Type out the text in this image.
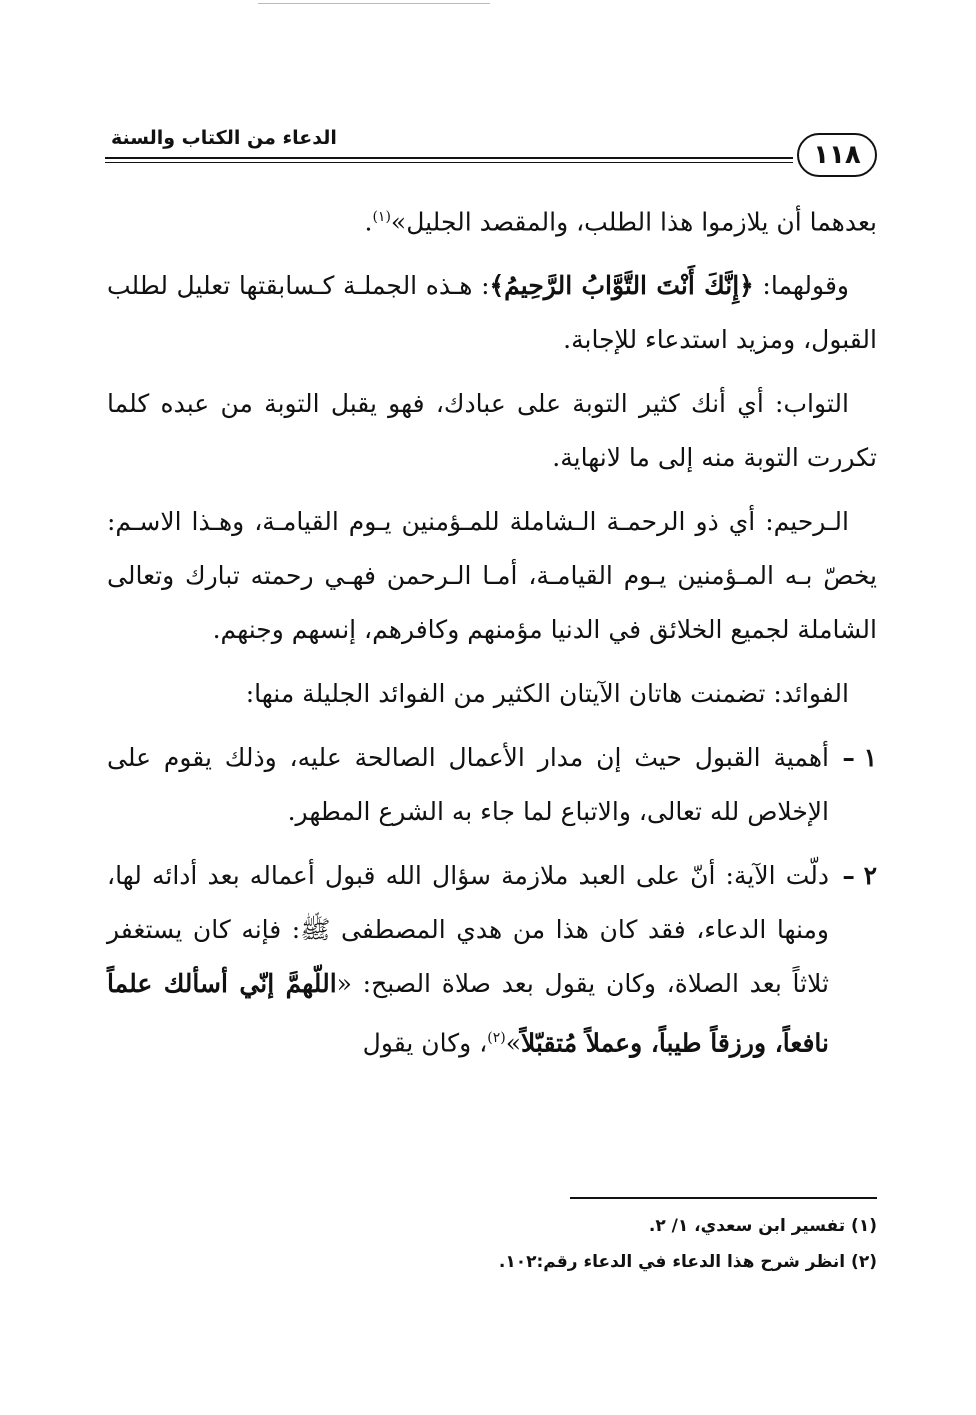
الدعاء من الكتاب والسنة
١١٨

بعدهما أن يلازموا هذا الطلب، والمقصد الجليل»$^{(١)}$.

وقولهما: ﴿إِنَّكَ أَنْتَ التَّوَّابُ الرَّحِيمُ﴾: هـذه الجملـة كـسابقتها تعليل لطلب القبول، ومزيد استدعاء للإجابة.

التواب: أي أنك كثير التوبة على عبادك، فهو يقبل التوبة من عبده كلما تكررت التوبة منه إلى ما لانهاية.

الـرحيم: أي ذو الرحمـة الـشاملة للمـؤمنين يـوم القيامـة، وهـذا الاسـم: يخصّ بـه المـؤمنين يـوم القيامـة، أمـا الـرحمن فهـي رحمته تبارك وتعالى الشاملة لجميع الخلائق في الدنيا مؤمنهم وكافرهم، إنسهم وجنهم.

الفوائد: تضمنت هاتان الآيتان الكثير من الفوائد الجليلة منها:

١ –
أهمية القبول حيث إن مدار الأعمال الصالحة عليه، وذلك يقوم على الإخلاص لله تعالى، والاتباع لما جاء به الشرع المطهر.
٢ –
دلّت الآية: أنّ على العبد ملازمة سؤال الله قبول أعماله بعد أدائه لها، ومنها الدعاء، فقد كان هذا من هدي المصطفى ﷺ: فإنه كان يستغفر ثلاثاً بعد الصلاة، وكان يقول بعد صلاة الصبح: «اللّهمَّ إنّي أسألك علماً نافعاً، ورزقاً طيباً، وعملاً مُتقبّلاً»$^{(٢)}$، وكان يقول
(١) تفسير ابن سعدي، ١/ ٢.
(٢) انظر شرح هذا الدعاء في الدعاء رقم:١٠٢.
